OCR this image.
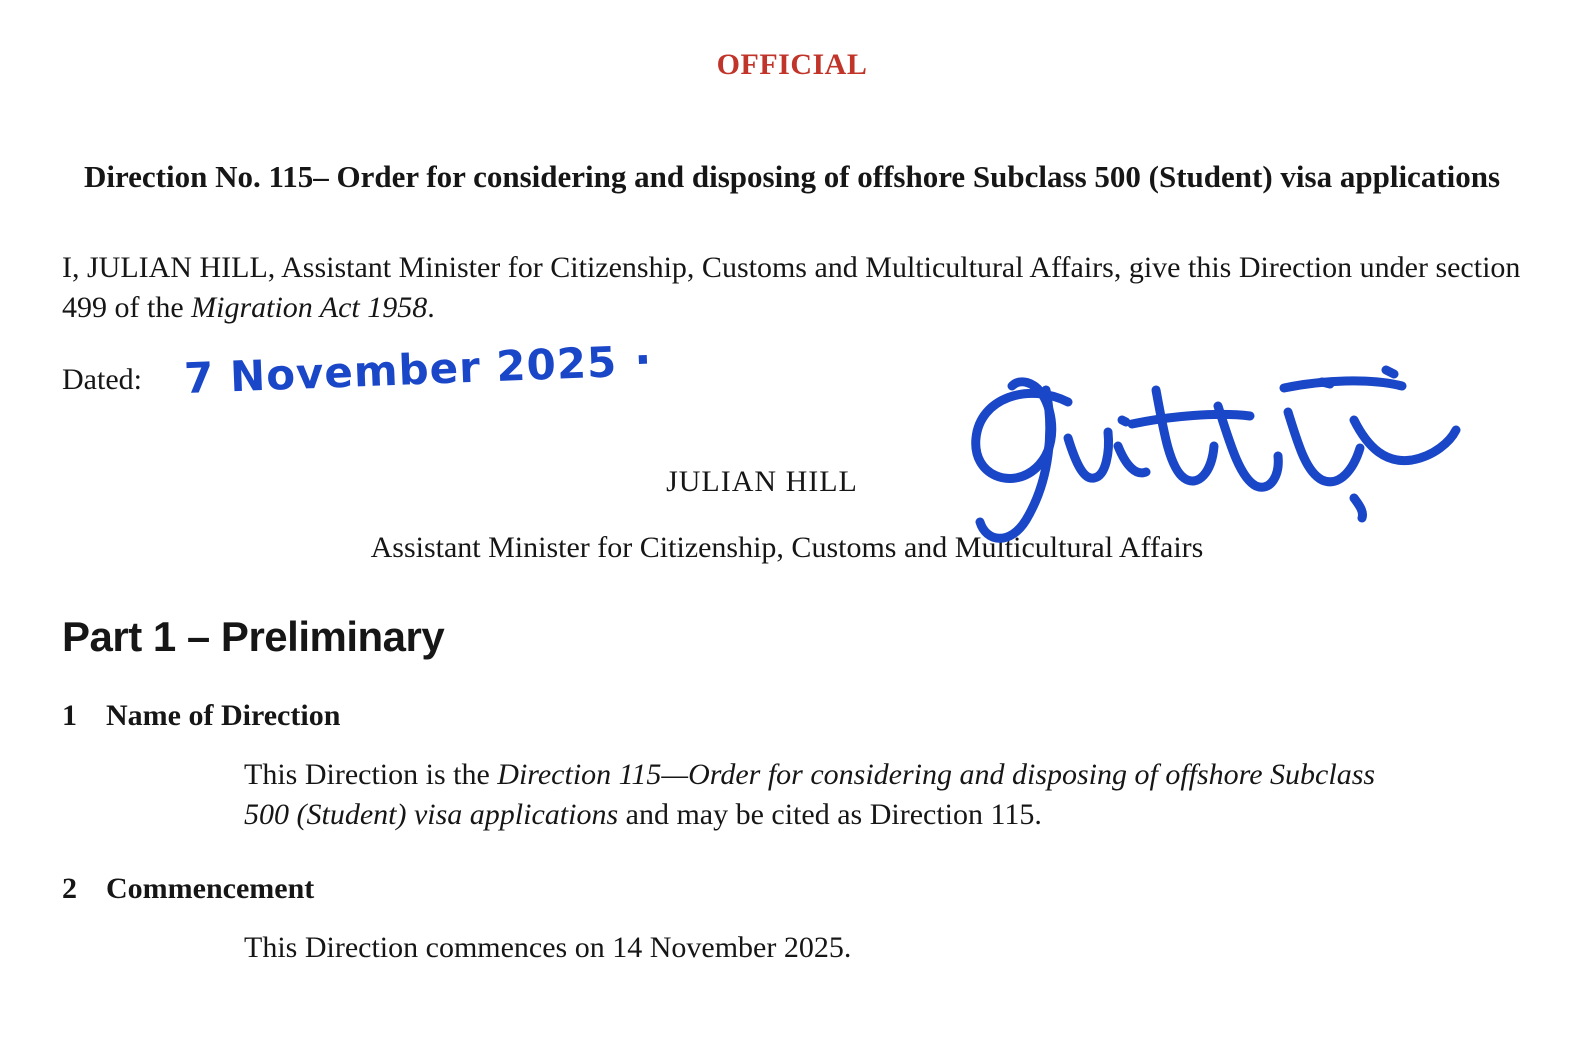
OFFICIAL
Direction No. 115– Order for considering and disposing of offshore Subclass 500 (Student) visa applications
I, JULIAN HILL, Assistant Minister for Citizenship, Customs and Multicultural Affairs, give this Direction under section 499 of the Migration Act 1958.
Dated: 7 November 2025 ·
JULIAN HILL
Assistant Minister for Citizenship, Customs and Multicultural Affairs
Part 1 – Preliminary
1 Name of Direction
This Direction is the Direction 115—Order for considering and disposing of offshore Subclass 500 (Student) visa applications and may be cited as Direction 115.
2 Commencement
This Direction commences on 14 November 2025.
